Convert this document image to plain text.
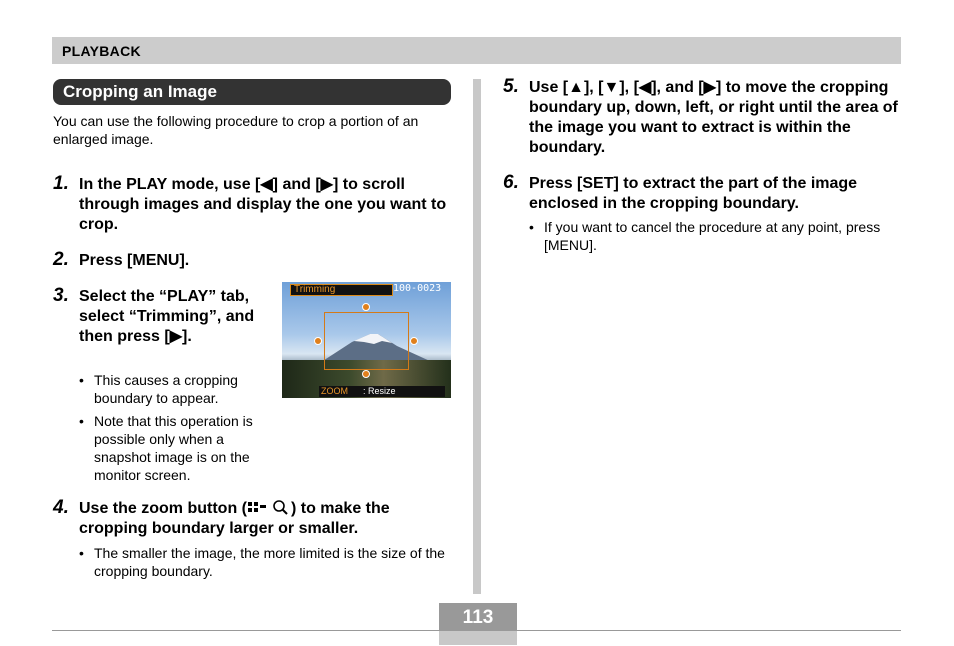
PLAYBACK
Cropping an Image
You can use the following procedure to crop a portion of an enlarged image.
1. In the PLAY mode, use [◀] and [▶] to scroll through images and display the one you want to crop.
2. Press [MENU].
3. Select the “PLAY” tab, select “Trimming”, and then press [▶].
• This causes a cropping boundary to appear.
• Note that this operation is possible only when a snapshot image is on the monitor screen.
Trimming	100-0023
ZOOM : Resize
4. Use the zoom button (	) to make the cropping boundary larger or smaller.
• The smaller the image, the more limited is the size of the cropping boundary.
5. Use [▲], [▼], [◀], and [▶] to move the cropping boundary up, down, left, or right until the area of the image you want to extract is within the boundary.
6. Press [SET] to extract the part of the image enclosed in the cropping boundary.
• If you want to cancel the procedure at any point, press [MENU].
113
